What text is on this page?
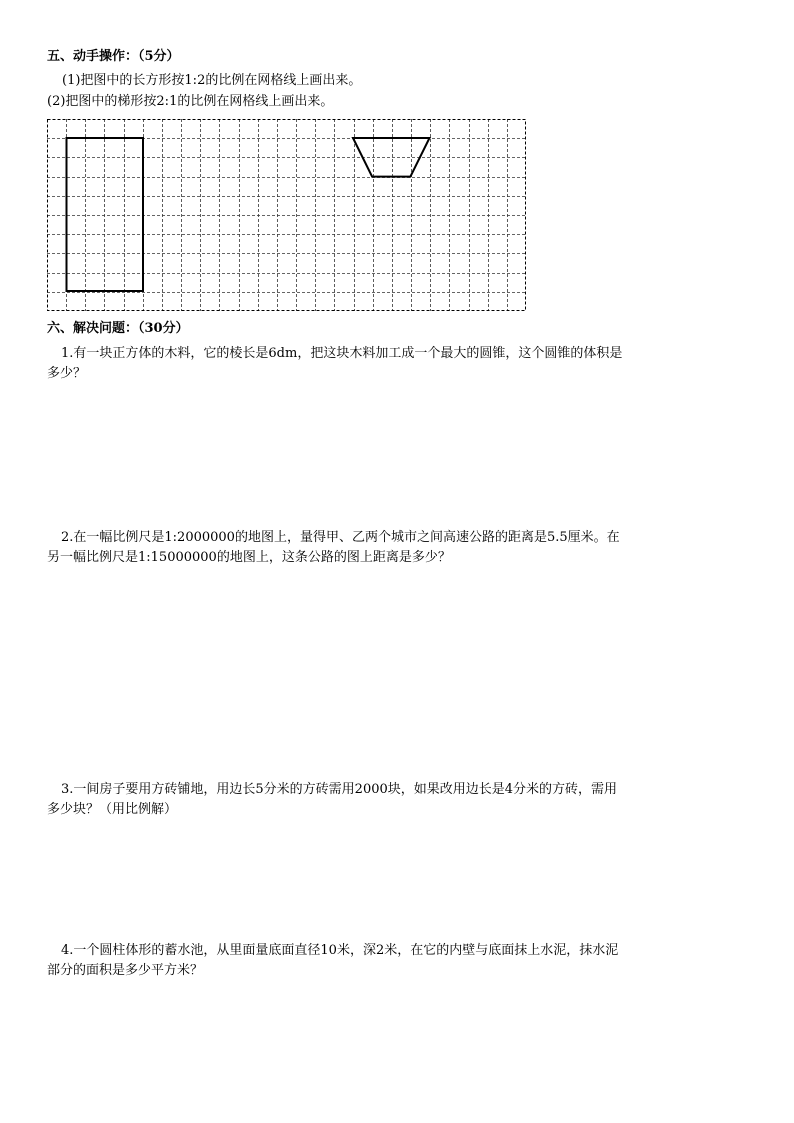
五、动手操作：（5分）
(1)把图中的长方形按1:2的比例在网格线上画出来。
(2)把图中的梯形按2:1的比例在网格线上画出来。
六、解决问题：（30分）
1.有一块正方体的木料，它的棱长是6dm，把这块木料加工成一个最大的圆锥，这个圆锥的体积是
多少？
2.在一幅比例尺是1:2000000的地图上，量得甲、乙两个城市之间高速公路的距离是5.5厘米。在
另一幅比例尺是1:15000000的地图上，这条公路的图上距离是多少？
3.一间房子要用方砖铺地，用边长5分米的方砖需用2000块，如果改用边长是4分米的方砖，需用
多少块？（用比例解）
4.一个圆柱体形的蓄水池，从里面量底面直径10米，深2米，在它的内壁与底面抹上水泥，抹水泥
部分的面积是多少平方米？
